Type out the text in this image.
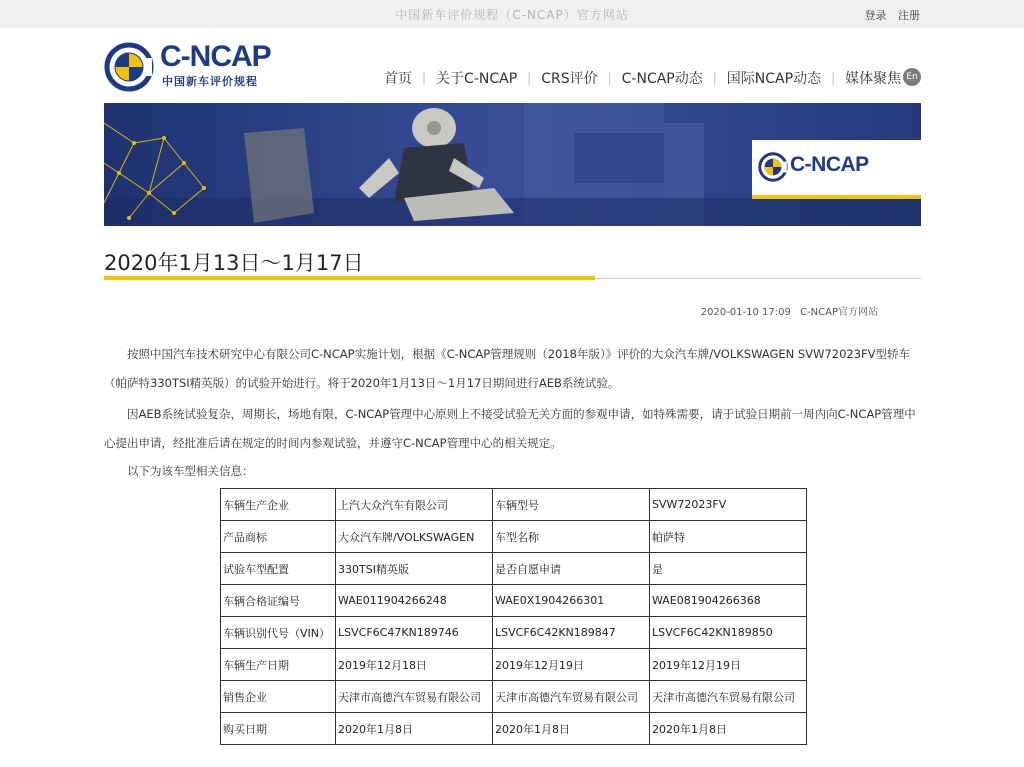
中国新车评价规程（C-NCAP）官方网站	登录 注册
C-NCAP
中国新车评价规程	首页 | 关于C-NCAP | CRS评价 | C-NCAP动态 | 国际NCAP动态 | 媒体聚焦 En
C-NCAP
2020年1月13日～1月17日
2020-01-10 17:09 C-NCAP官方网站
按照中国汽车技术研究中心有限公司C-NCAP实施计划，根据《C-NCAP管理规则（2018年版）》评价的大众汽车牌/VOLKSWAGEN SVW72023FV型轿车（帕萨特330TSI精英版）的试验开始进行。将于2020年1月13日～1月17日期间进行AEB系统试验。
因AEB系统试验复杂，周期长，场地有限，C-NCAP管理中心原则上不接受试验无关方面的参观申请，如特殊需要，请于试验日期前一周内向C-NCAP管理中心提出申请，经批准后请在规定的时间内参观试验，并遵守C-NCAP管理中心的相关规定。
以下为该车型相关信息：
车辆生产企业	上汽大众汽车有限公司	车辆型号	SVW72023FV
产品商标	大众汽车牌/VOLKSWAGEN	车型名称	帕萨特
试验车型配置	330TSI精英版	是否自愿申请	是
车辆合格证编号	WAE011904266248	WAE0X1904266301	WAE081904266368
车辆识别代号（VIN）	LSVCF6C47KN189746	LSVCF6C42KN189847	LSVCF6C42KN189850
车辆生产日期	2019年12月18日	2019年12月19日	2019年12月19日
销售企业	天津市高德汽车贸易有限公司	天津市高德汽车贸易有限公司	天津市高德汽车贸易有限公司
购买日期	2020年1月8日	2020年1月8日	2020年1月8日
